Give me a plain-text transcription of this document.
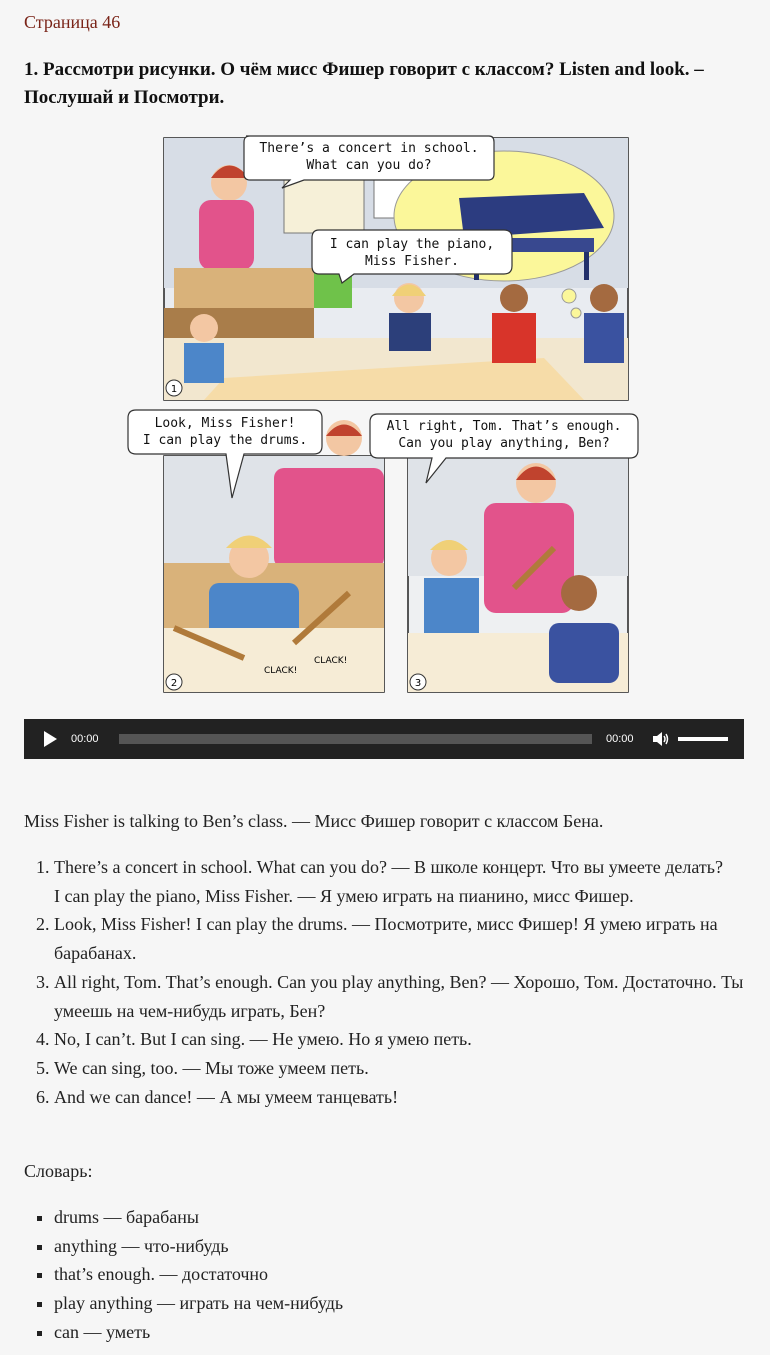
Страница 46
1. Рассмотри рисунки. О чём мисс Фишер говорит с классом? Listen and look. – Послушай и Посмотри.
There’s a concert in school.
What can you do?
I can play the piano,
Miss Fisher.
1
CLACK!
CLACK!
Look, Miss Fisher!
I can play the drums.
2
All right, Tom. That’s enough.
Can you play anything, Ben?
3
00:00	00:00
Miss Fisher is talking to Ben’s class. — Мисс Фишер говорит с классом Бена.
1. There’s a concert in school. What can you do? — В школе концерт. Что вы умеете делать?
I can play the piano, Miss Fisher. — Я умею играть на пианино, мисс Фишер.
2. Look, Miss Fisher! I can play the drums. — Посмотрите, мисс Фишер! Я умею играть на барабанах.
3. All right, Tom. That’s enough. Can you play anything, Ben? — Хорошо, Том. Достаточно. Ты умеешь на чем-нибудь играть, Бен?
4. No, I can’t. But I can sing. — Не умею. Но я умею петь.
5. We can sing, too. — Мы тоже умеем петь.
6. And we can dance! — А мы умеем танцевать!
Словарь:
▪ drums — барабаны
▪ anything — что-нибудь
▪ that’s enough. — достаточно
▪ play anything — играть на чем-нибудь
▪ can — уметь
